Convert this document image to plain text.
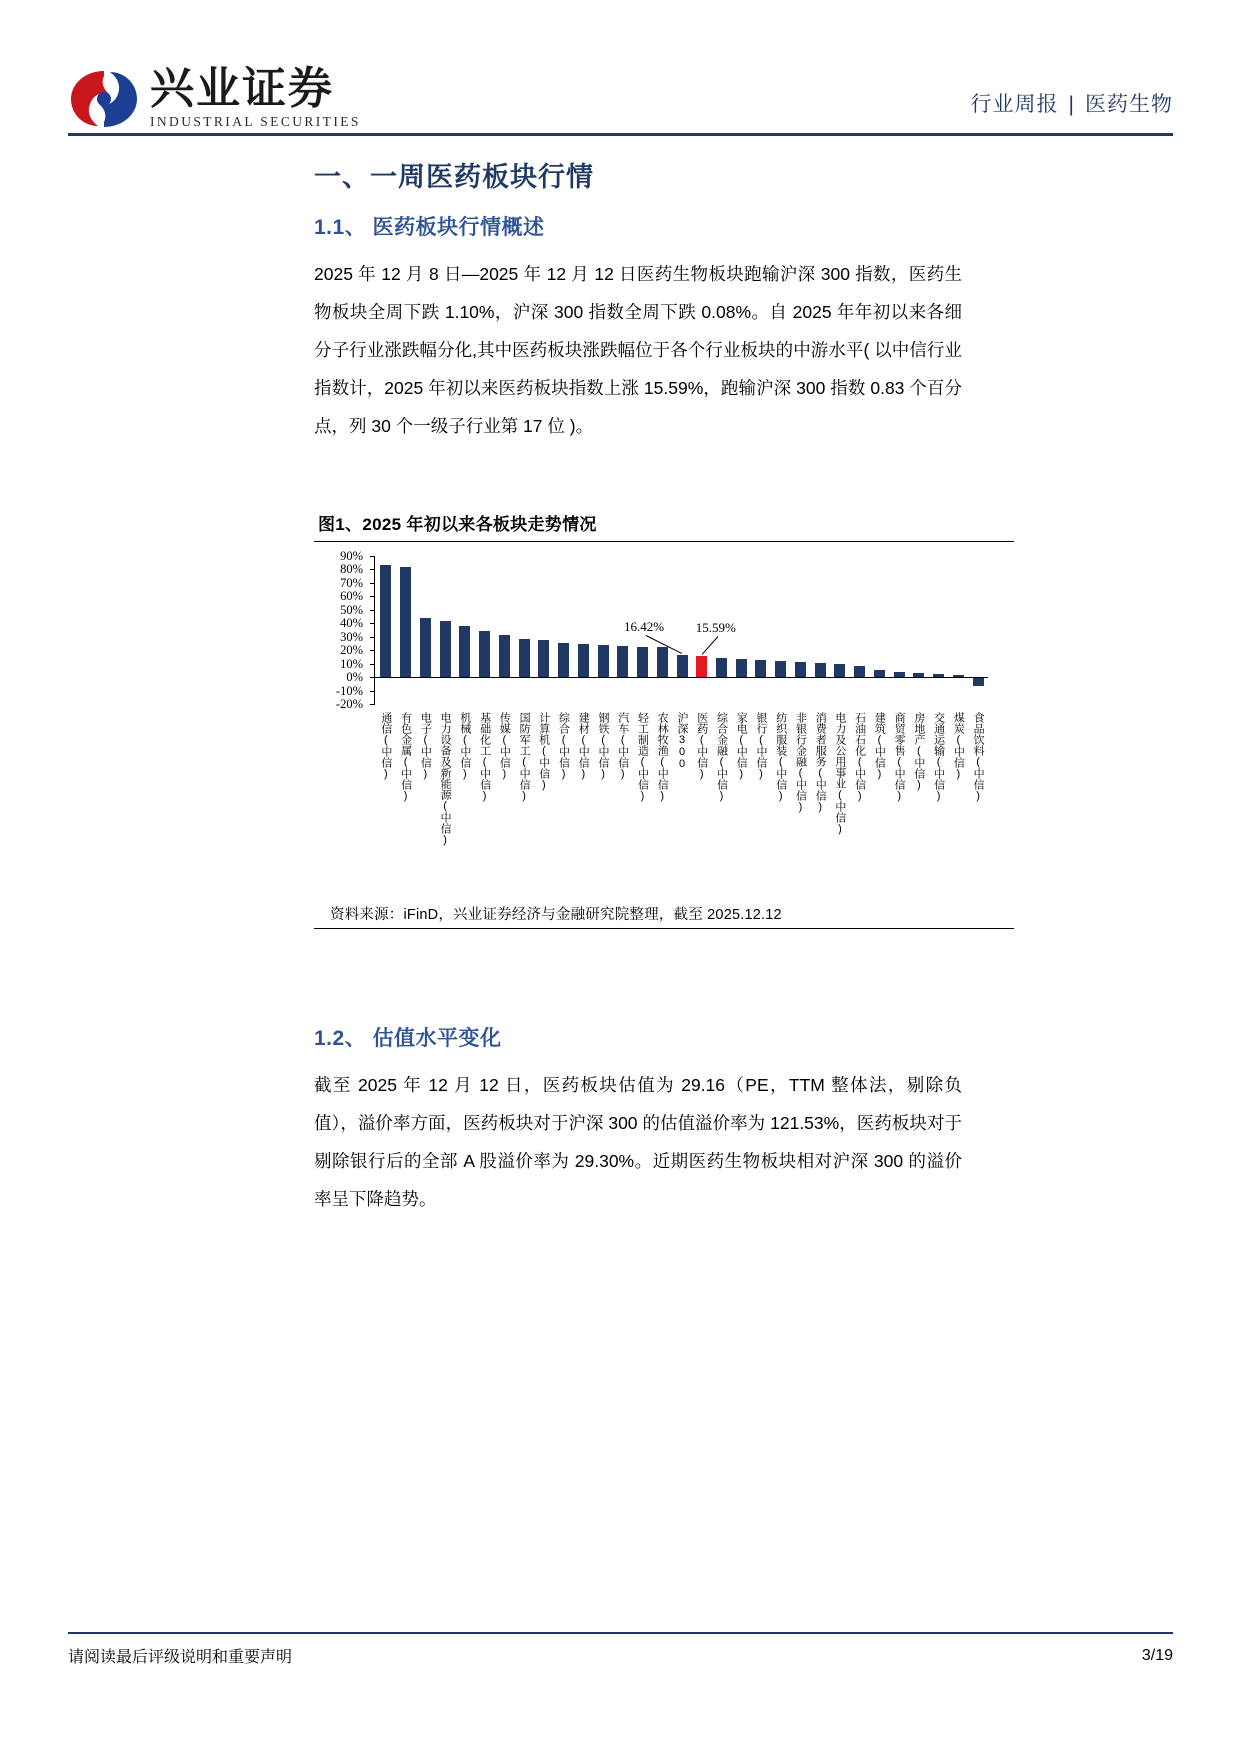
兴业证券
INDUSTRIAL SECURITIES
行业周报 | 医药生物
一、一周医药板块行情
1.1、 医药板块行情概述

2025 年 12 月 8 日—2025 年 12 月 12 日医药生物板块跑输沪深 300 指数，医药生物板块全周下跌 1.10%，沪深 300 指数全周下跌 0.08%。自 2025 年年初以来各细分子行业涨跌幅分化,其中医药板块涨跌幅位于各个行业板块的中游水平( 以中信行业指数计，2025 年初以来医药板块指数上涨 15.59%，跑输沪深 300 指数 0.83 个百分点，列 30 个一级子行业第 17 位 )。

图1、2025 年初以来各板块走势情况
90%
80%
70%
60%
50%
40%
30%
20%
10%
0%
-10%
-20%
通信(中信) 有色金属(中信) 电子(中信) 电力设备及新能源(中信) 机械(中信) 基础化工(中信) 传媒(中信) 国防军工(中信) 计算机(中信) 综合(中信) 建材(中信) 钢铁(中信) 汽车(中信) 轻工制造(中信) 农林牧渔(中信) 沪深300 医药(中信) 综合金融(中信) 家电(中信) 银行(中信) 纺织服装(中信) 非银行金融(中信) 消费者服务(中信) 电力及公用事业(中信) 石油石化(中信) 建筑(中信) 商贸零售(中信) 房地产(中信) 交通运输(中信) 煤炭(中信) 食品饮料(中信)
16.42% 15.59%
资料来源：iFinD，兴业证券经济与金融研究院整理，截至 2025.12.12
1.2、 估值水平变化

截至 2025 年 12 月 12 日，医药板块估值为 29.16（PE，TTM 整体法，剔除负值），溢价率方面，医药板块对于沪深 300 的估值溢价率为 121.53%，医药板块对于剔除银行后的全部 A 股溢价率为 29.30%。近期医药生物板块相对沪深 300 的溢价率呈下降趋势。

请阅读最后评级说明和重要声明	3/19
